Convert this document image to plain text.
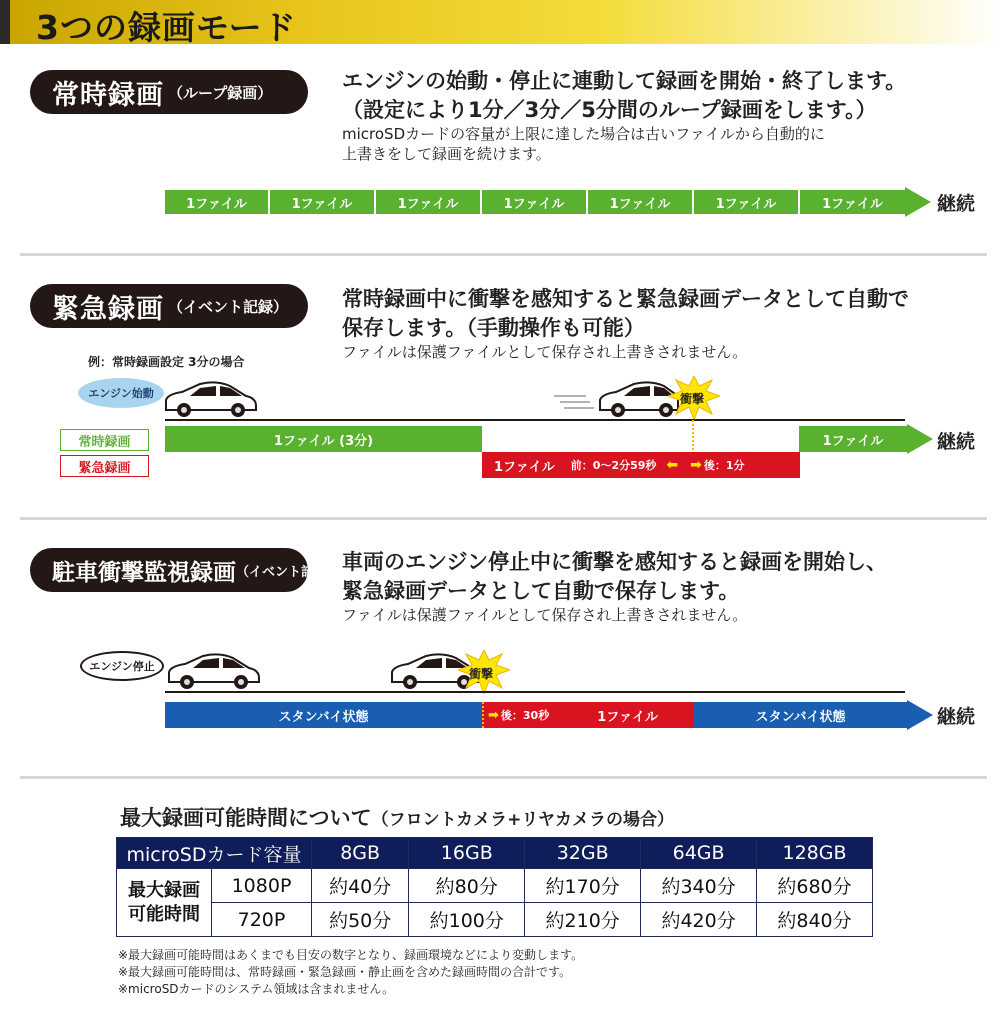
3つの録画モード
常時録画 （ループ録画）	エンジンの始動・停止に連動して録画を開始・終了します。
（設定により1分／3分／5分間のループ録画をします。）
microSDカードの容量が上限に達した場合は古いファイルから自動的に
上書きをして録画を続けます。
1ファイル	1ファイル	1ファイル	1ファイル	1ファイル	1ファイル	1ファイル	継続
緊急録画 （イベント記録）	常時録画中に衝撃を感知すると緊急録画データとして自動で
保存します。（手動操作も可能）
ファイルは保護ファイルとして保存され上書きされません。
例：常時録画設定 3分の場合
エンジン始動	衝撃
常時録画
緊急録画
1ファイル (3分)	1ファイル	継続
1ファイル 前：0〜2分59秒 ⬅ ➡ 後：1分
駐車衝撃監視録画 （イベント記録） 車両のエンジン停止中に衝撃を感知すると録画を開始し、
緊急録画データとして自動で保存します。
ファイルは保護ファイルとして保存され上書きされません。
エンジン停止
衝撃
スタンバイ状態	➡ 後：30秒	1ファイル	スタンバイ状態	継続
最大録画可能時間について（フロントカメラ+リヤカメラの場合）
microSDカード容量		8GB	16GB	32GB	64GB	128GB

最大録画
可能時間	1080P	約40分	約80分	約170分	約340分	約680分
	720P	約50分	約100分	約210分	約420分	約840分
※最大録画可能時間はあくまでも目安の数字となり、録画環境などにより変動します。
※最大録画可能時間は、常時録画・緊急録画・静止画を含めた録画時間の合計です。
※microSDカードのシステム領域は含まれません。
